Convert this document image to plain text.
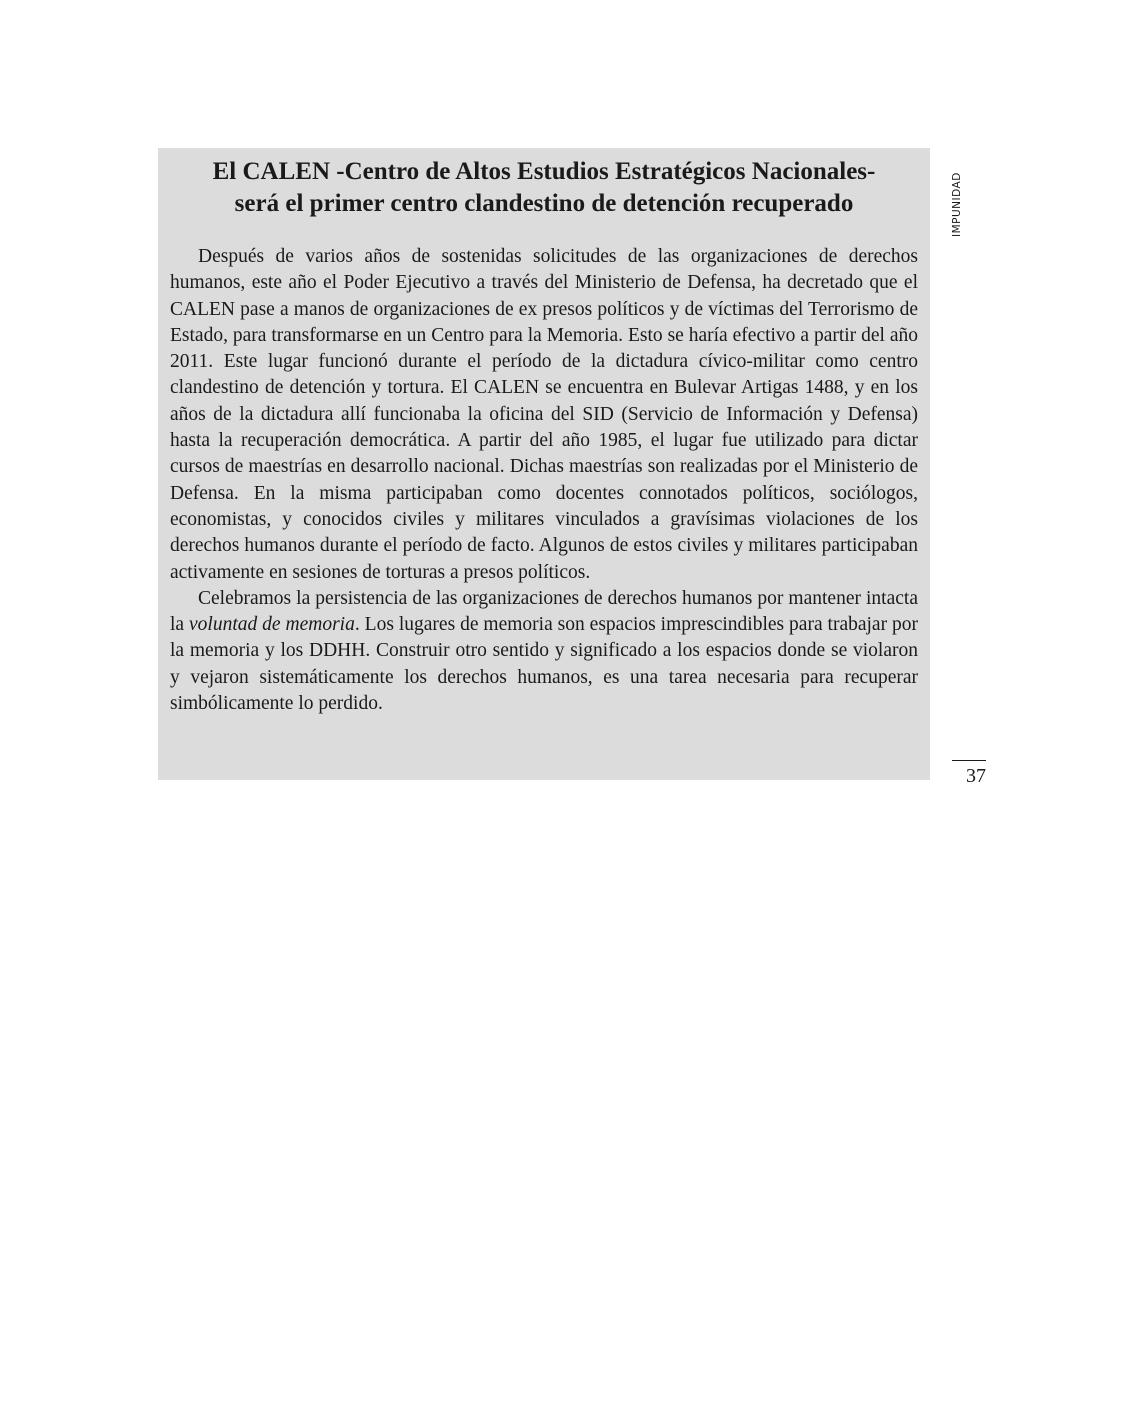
El CALEN -Centro de Altos Estudios Estratégicos Nacionales-
será el primer centro clandestino de detención recuperado

Después de varios años de sostenidas solicitudes de las organizaciones de derechos humanos, este año el Poder Ejecutivo a través del Ministerio de Defensa, ha decretado que el CALEN pase a manos de organizaciones de ex presos políticos y de víctimas del Terrorismo de Estado, para transformarse en un Centro para la Memoria. Esto se haría efectivo a partir del año 2011. Este lugar funcionó durante el período de la dictadura cívico-militar como centro clandestino de detención y tortura. El CALEN se encuentra en Bulevar Artigas 1488, y en los años de la dictadura allí funcionaba la oficina del SID (Servicio de Información y Defensa) hasta la recuperación democrática. A partir del año 1985, el lugar fue utilizado para dictar cursos de maestrías en desarrollo nacional. Dichas maestrías son realizadas por el Ministerio de Defensa. En la misma participaban como docentes connotados políticos, sociólogos, economistas, y conocidos civiles y militares vinculados a gravísimas violaciones de los derechos humanos durante el período de facto. Algunos de estos civiles y militares participaban activamente en sesiones de torturas a presos políticos.

Celebramos la persistencia de las organizaciones de derechos humanos por mantener intacta la voluntad de memoria. Los lugares de memoria son espacios imprescindibles para trabajar por la memoria y los DDHH. Construir otro sentido y significado a los espacios donde se violaron y vejaron sistemáticamente los derechos humanos, es una tarea necesaria para recuperar simbólicamente lo perdido.

IMPUNIDAD
37
